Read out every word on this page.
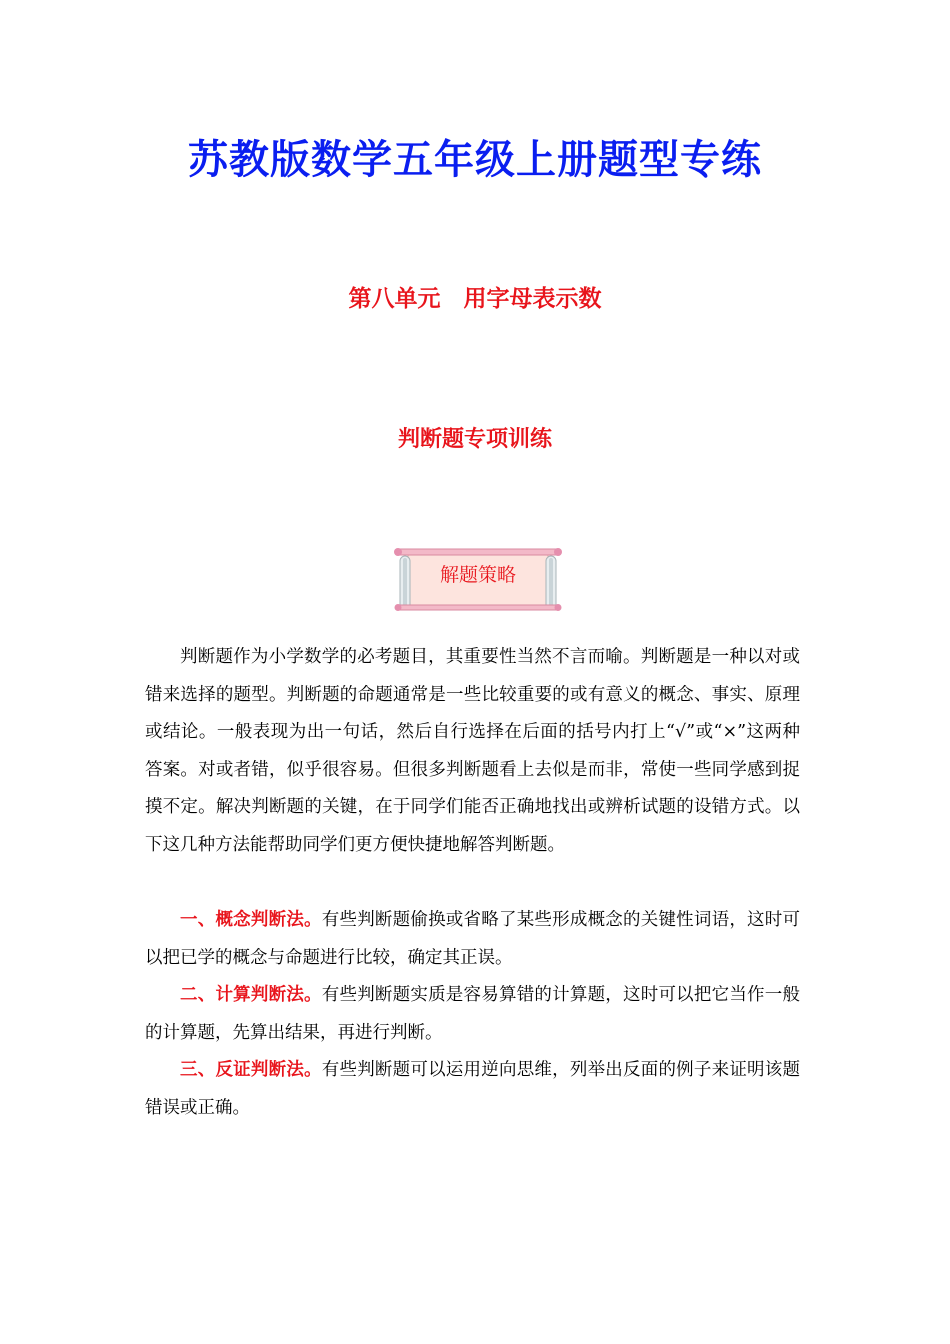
苏教版数学五年级上册题型专练
第八单元　用字母表示数
判断题专项训练
解题策略

判断题作为小学数学的必考题目，其重要性当然不言而喻。判断题是一种以对或错来选择的题型。判断题的命题通常是一些比较重要的或有意义的概念、事实、原理或结论。一般表现为出一句话，然后自行选择在后面的括号内打上“√”或“×”这两种答案。对或者错，似乎很容易。但很多判断题看上去似是而非，常使一些同学感到捉摸不定。解决判断题的关键，在于同学们能否正确地找出或辨析试题的设错方式。以下这几种方法能帮助同学们更方便快捷地解答判断题。

一、概念判断法。有些判断题偷换或省略了某些形成概念的关键性词语，这时可以把已学的概念与命题进行比较，确定其正误。

二、计算判断法。有些判断题实质是容易算错的计算题，这时可以把它当作一般的计算题，先算出结果，再进行判断。

三、反证判断法。有些判断题可以运用逆向思维，列举出反面的例子来证明该题错误或正确。
